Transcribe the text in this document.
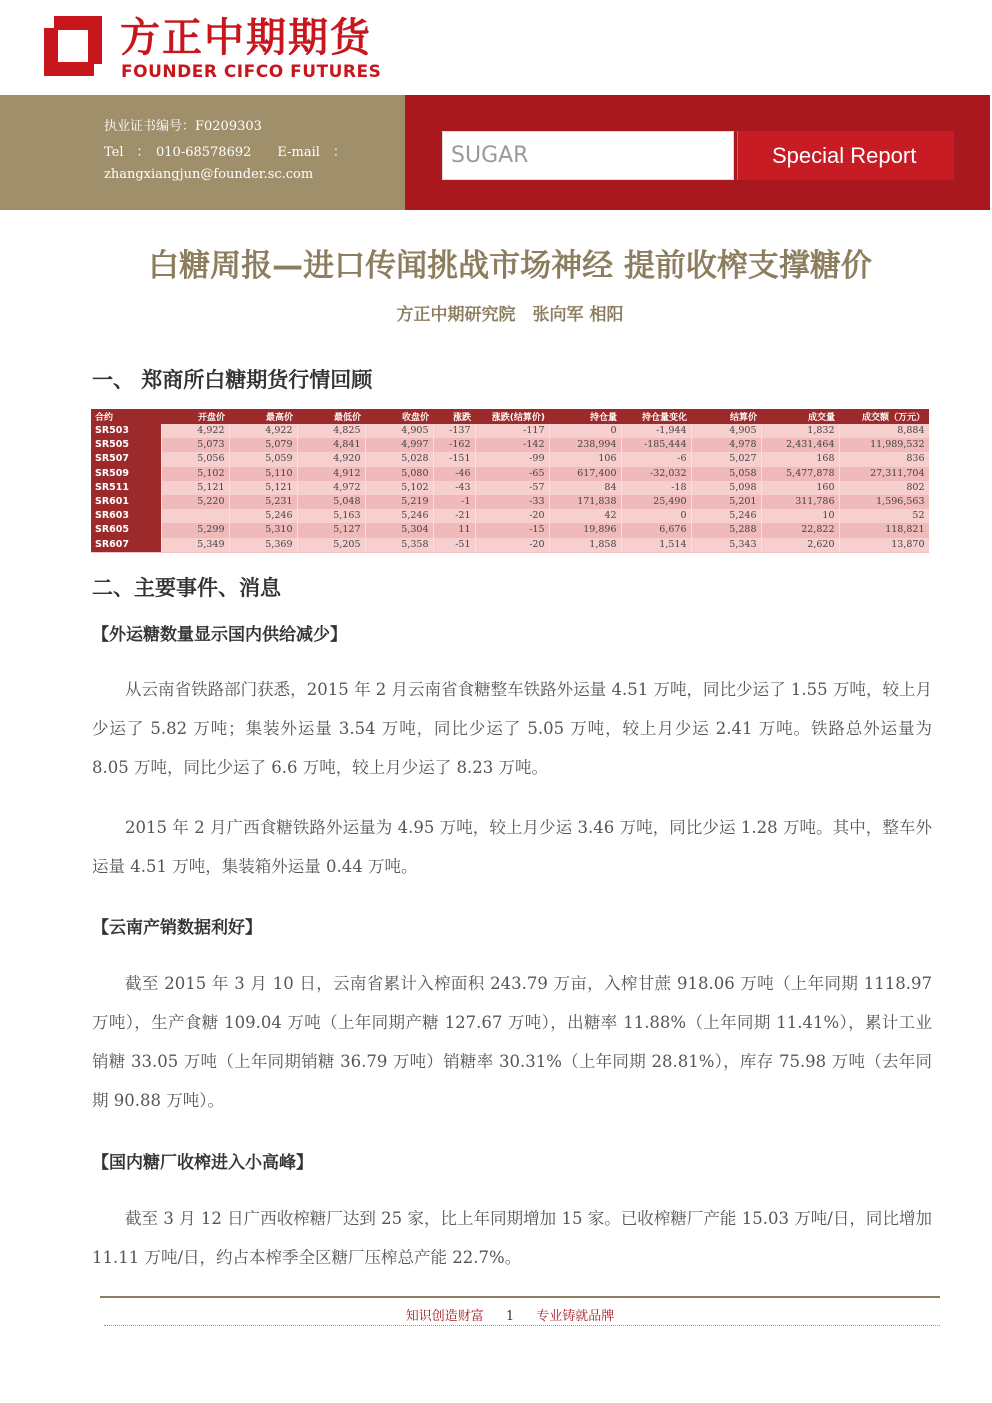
方正中期期货
FOUNDER CIFCO FUTURES
执业证书编号：F0209303
Tel　：　010-68578692　　E-mail　：
zhangxiangjun@founder.sc.com
SUGAR	Special Report
白糖周报—进口传闻挑战市场神经 提前收榨支撑糖价
方正中期研究院　张向军 相阳
一、 郑商所白糖期货行情回顾
合约	开盘价	最高价	最低价	收盘价	涨跌	涨跌(结算价)	持仓量	持仓量变化	结算价	成交量	成交额（万元）
SR503	4,922	4,922	4,825	4,905	-137	-117	0	-1,944	4,905	1,832	8,884
SR505	5,073	5,079	4,841	4,997	-162	-142	238,994	-185,444	4,978	2,431,464	11,989,532
SR507	5,056	5,059	4,920	5,028	-151	-99	106	-6	5,027	168	836
SR509	5,102	5,110	4,912	5,080	-46	-65	617,400	-32,032	5,058	5,477,878	27,311,704
SR511	5,121	5,121	4,972	5,102	-43	-57	84	-18	5,098	160	802
SR601	5,220	5,231	5,048	5,219	-1	-33	171,838	25,490	5,201	311,786	1,596,563
SR603		5,246	5,163	5,246	-21	-20	42	0	5,246	10	52
SR605	5,299	5,310	5,127	5,304	11	-15	19,896	6,676	5,288	22,822	118,821
SR607	5,349	5,369	5,205	5,358	-51	-20	1,858	1,514	5,343	2,620	13,870
二、主要事件、消息
【外运糖数量显示国内供给减少】

从云南省铁路部门获悉，2015 年 2 月云南省食糖整车铁路外运量 4.51 万吨，同比少运了 1.55 万吨，较上月少运了 5.82 万吨；集装外运量 3.54 万吨，同比少运了 5.05 万吨，较上月少运 2.41 万吨。铁路总外运量为 8.05 万吨，同比少运了 6.6 万吨，较上月少运了 8.23 万吨。

2015 年 2 月广西食糖铁路外运量为 4.95 万吨，较上月少运 3.46 万吨，同比少运 1.28 万吨。其中，整车外运量 4.51 万吨，集装箱外运量 0.44 万吨。

【云南产销数据利好】

截至 2015 年 3 月 10 日，云南省累计入榨面积 243.79 万亩，入榨甘蔗 918.06 万吨（上年同期 1118.97 万吨），生产食糖 109.04 万吨（上年同期产糖 127.67 万吨），出糖率 11.88%（上年同期 11.41%），累计工业销糖 33.05 万吨（上年同期销糖 36.79 万吨）销糖率 30.31%（上年同期 28.81%），库存 75.98 万吨（去年同期 90.88 万吨）。

【国内糖厂收榨进入小高峰】

截至 3 月 12 日广西收榨糖厂达到 25 家，比上年同期增加 15 家。已收榨糖厂产能 15.03 万吨/日，同比增加 11.11 万吨/日，约占本榨季全区糖厂压榨总产能 22.7%。

知识创造财富 1 专业铸就品牌
